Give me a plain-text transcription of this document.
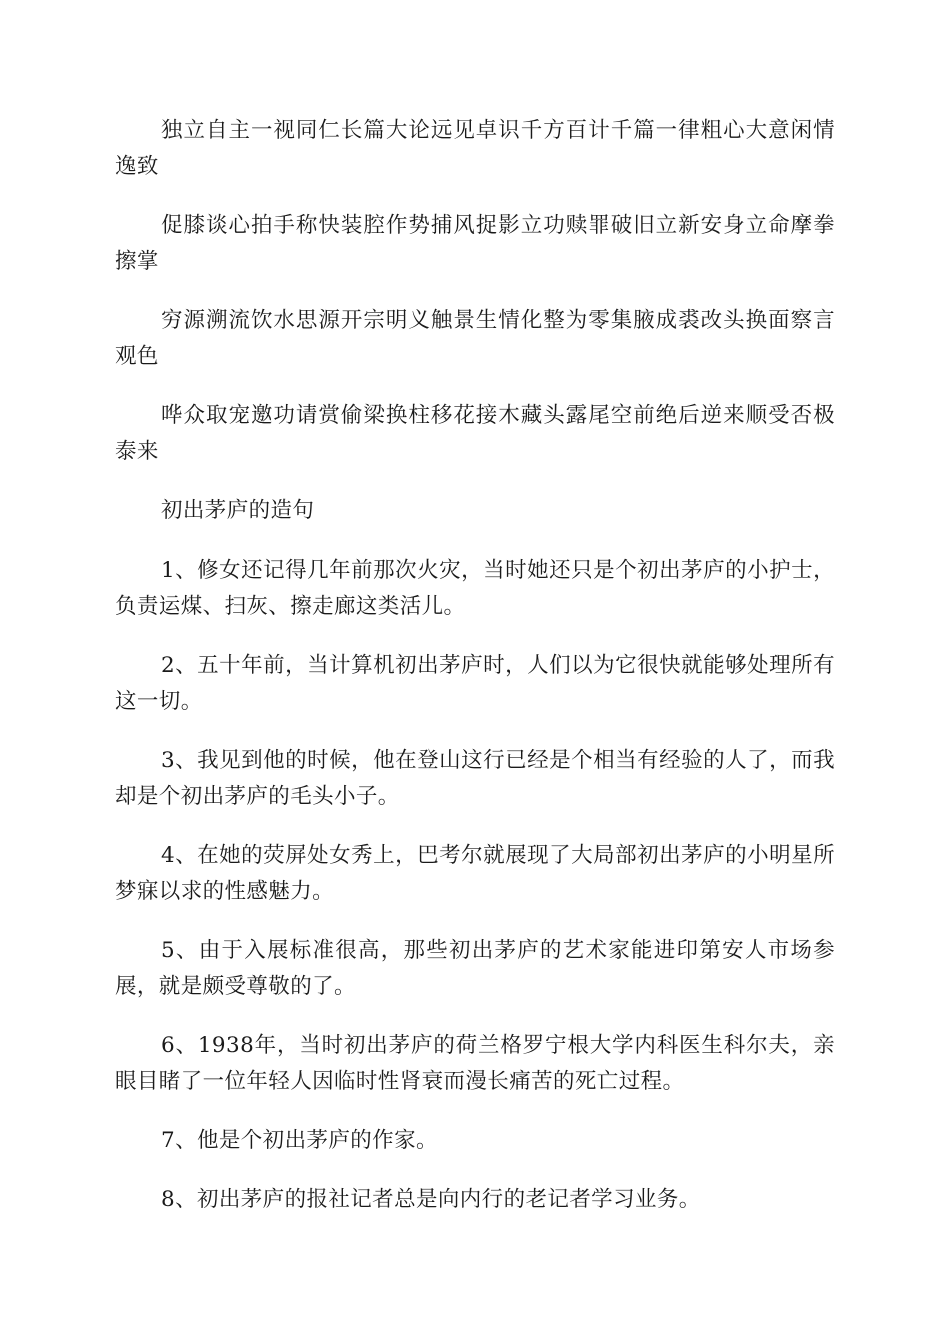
独立自主一视同仁长篇大论远见卓识千方百计千篇一律粗心大意闲情逸致

促膝谈心拍手称快装腔作势捕风捉影立功赎罪破旧立新安身立命摩拳擦掌

穷源溯流饮水思源开宗明义触景生情化整为零集腋成裘改头换面察言观色

哗众取宠邀功请赏偷梁换柱移花接木藏头露尾空前绝后逆来顺受否极泰来

初出茅庐的造句

1、修女还记得几年前那次火灾，当时她还只是个初出茅庐的小护士，负责运煤、扫灰、擦走廊这类活儿。

2、五十年前，当计算机初出茅庐时，人们以为它很快就能够处理所有这一切。

3、我见到他的时候，他在登山这行已经是个相当有经验的人了，而我却是个初出茅庐的毛头小子。

4、在她的荧屏处女秀上，巴考尔就展现了大局部初出茅庐的小明星所梦寐以求的性感魅力。

5、由于入展标准很高，那些初出茅庐的艺术家能进印第安人市场参展，就是颇受尊敬的了。

6、1938年，当时初出茅庐的荷兰格罗宁根大学内科医生科尔夫，亲眼目睹了一位年轻人因临时性肾衰而漫长痛苦的死亡过程。

7、他是个初出茅庐的作家。

8、初出茅庐的报社记者总是向内行的老记者学习业务。
